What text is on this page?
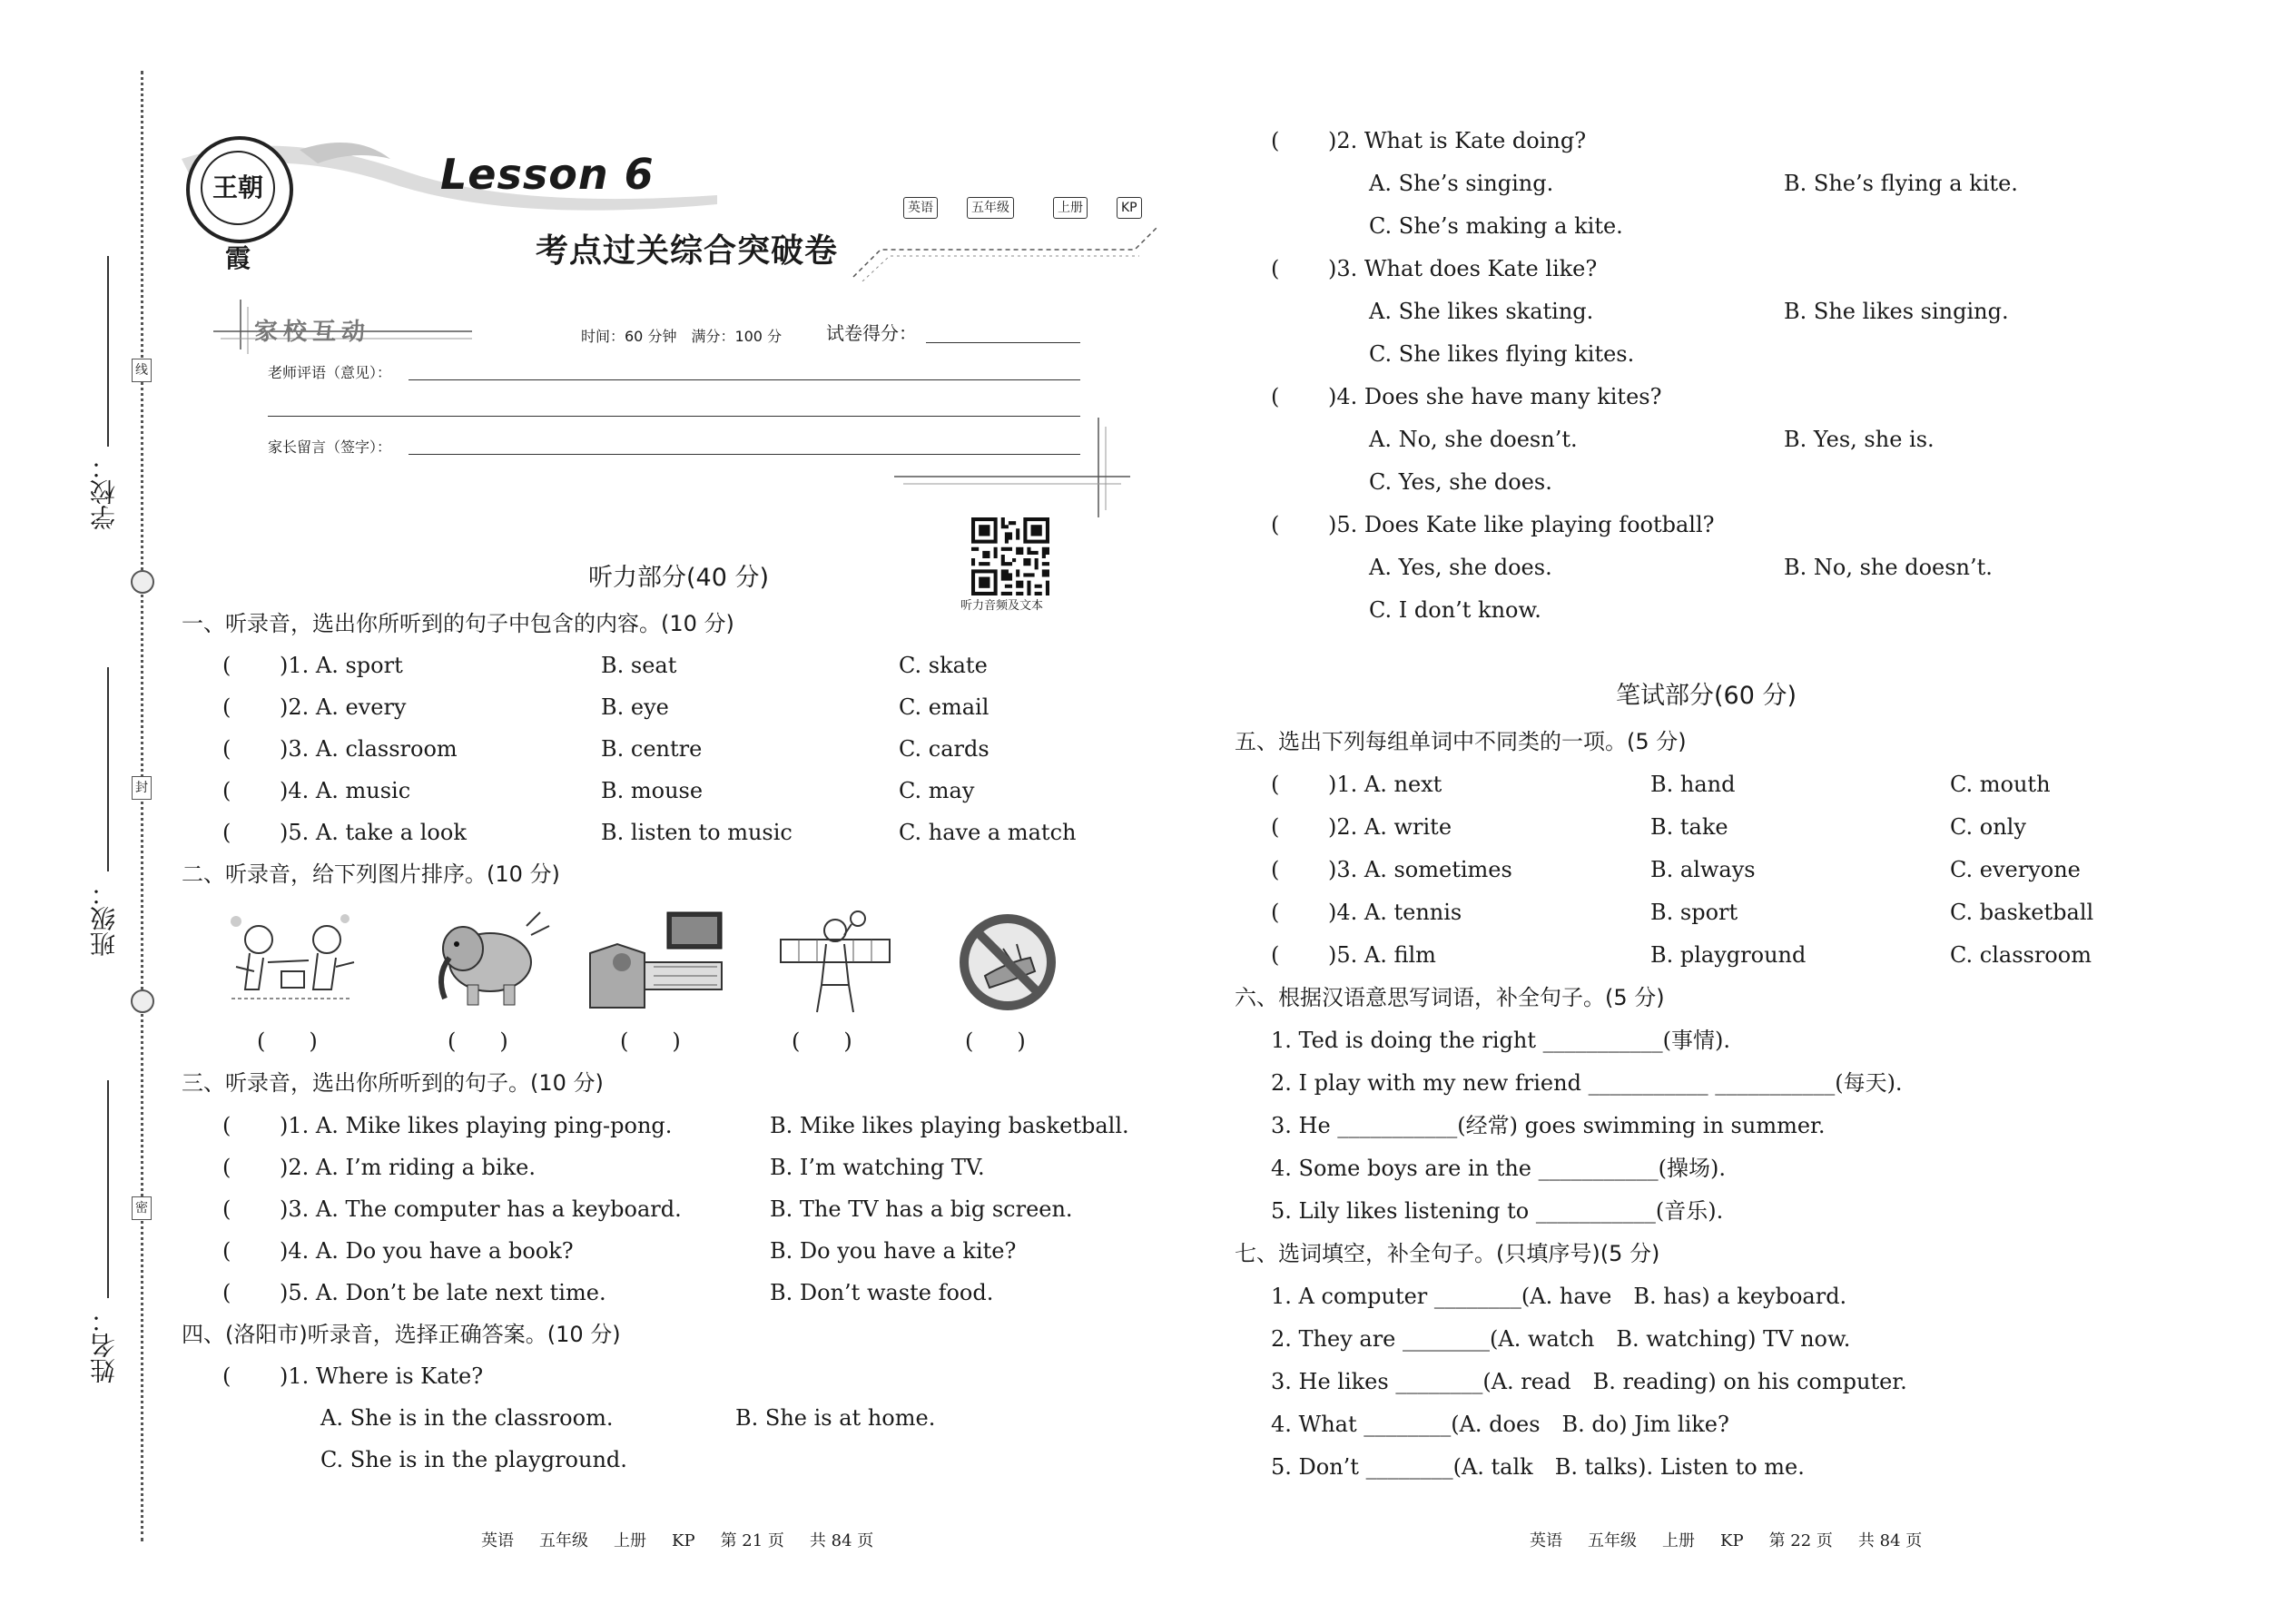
学校：
班级：
姓名：
线
封
密
王朝霞
Lesson 6
考点过关综合突破卷
英语	五年级	上册	KP
家校互动	时间：60 分钟　满分：100 分 试卷得分：
老师评语（意见）：
家长留言（签字）：
听力音频及文本
听力部分(40 分)
一、听录音，选出你所听到的句子中包含的内容。(10 分)
( )1. A. sport	B. seat	C. skate
( )2. A. every	B. eye	C. email
( )3. A. classroom	B. centre	C. cards
( )4. A. music	B. mouse	C. may
( )5. A. take a look	B. listen to music	C. have a match
二、听录音，给下列图片排序。(10 分)
(　　)	(　　)	(　　)	(　　)	(　　)
三、听录音，选出你所听到的句子。(10 分)
( )1. A. Mike likes playing ping-pong.	B. Mike likes playing basketball.
( )2. A. I’m riding a bike.	B. I’m watching TV.
( )3. A. The computer has a keyboard.	B. The TV has a big screen.
( )4. A. Do you have a book?	B. Do you have a kite?
( )5. A. Don’t be late next time.	B. Don’t waste food.
四、(洛阳市)听录音，选择正确答案。(10 分)
( )1. Where is Kate?
A. She is in the classroom.	B. She is at home.
C. She is in the playground.
英语 五年级 上册 KP 第 21 页 共 84 页
( )2. What is Kate doing?
A. She’s singing.	B. She’s flying a kite.
C. She’s making a kite.
( )3. What does Kate like?
A. She likes skating.	B. She likes singing.
C. She likes flying kites.
( )4. Does she have many kites?
A. No, she doesn’t.	B. Yes, she is.
C. Yes, she does.
( )5. Does Kate like playing football?
A. Yes, she does.	B. No, she doesn’t.
C. I don’t know.
笔试部分(60 分)
五、选出下列每组单词中不同类的一项。(5 分)
( )1. A. next	B. hand	C. mouth
( )2. A. write	B. take	C. only
( )3. A. sometimes	B. always	C. everyone
( )4. A. tennis	B. sport	C. basketball
( )5. A. film	B. playground	C. classroom
六、根据汉语意思写词语，补全句子。(5 分)
1. Ted is doing the right ___________(事情).
2. I play with my new friend ___________ ___________(每天).
3. He ___________(经常) goes swimming in summer.
4. Some boys are in the ___________(操场).
5. Lily likes listening to ___________(音乐).
七、选词填空，补全句子。(只填序号)(5 分)
1. A computer ________(A. have　B. has) a keyboard.
2. They are ________(A. watch　B. watching) TV now.
3. He likes ________(A. read　B. reading) on his computer.
4. What ________(A. does　B. do) Jim like?
5. Don’t ________(A. talk　B. talks). Listen to me.
英语 五年级 上册 KP 第 22 页 共 84 页
